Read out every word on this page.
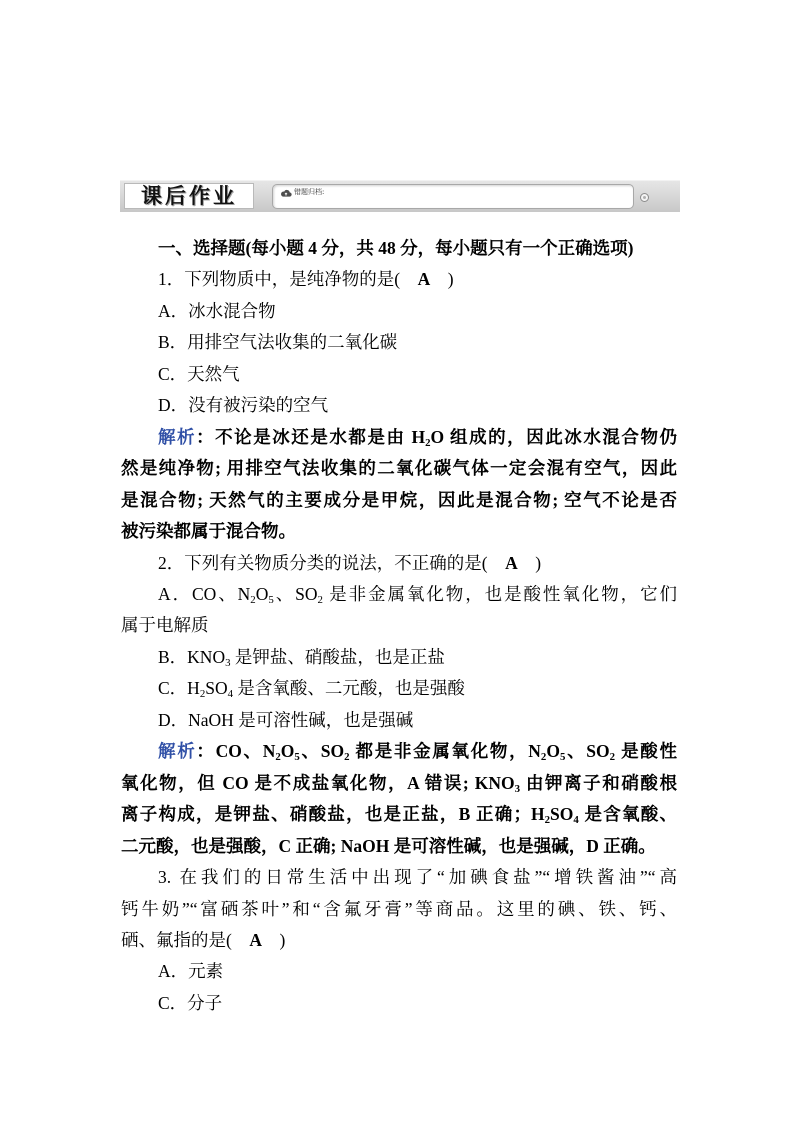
课后作业	错题归档:
一、选择题(每小题 4 分，共 48 分，每小题只有一个正确选项)
1．下列物质中，是纯净物的是(　A　)
A．冰水混合物
B．用排空气法收集的二氧化碳
C．天然气
D．没有被污染的空气
解析：不论是冰还是水都是由 $H_2O$ 组成的，因此冰水混合物仍
然是纯净物; 用排空气法收集的二氧化碳气体一定会混有空气，因此
是混合物; 天然气的主要成分是甲烷，因此是混合物; 空气不论是否
被污染都属于混合物。
2．下列有关物质分类的说法，不正确的是(　A　)
A．CO、$N_2O_5$、$SO_2$ 是非金属氧化物，也是酸性氧化物，它们
属于电解质
B．$KNO_3$ 是钾盐、硝酸盐，也是正盐
C．$H_2SO_4$ 是含氧酸、二元酸，也是强酸
D．NaOH 是可溶性碱，也是强碱
解析：CO、$N_2O_5$、$SO_2$ 都是非金属氧化物，$N_2O_5$、$SO_2$ 是酸性
氧化物，但 CO 是不成盐氧化物，A 错误; $KNO_3$ 由钾离子和硝酸根
离子构成，是钾盐、硝酸盐，也是正盐，B 正确；$H_2SO_4$ 是含氧酸、
二元酸，也是强酸，C 正确; NaOH 是可溶性碱，也是强碱，D 正确。
3. 在我们的日常生活中出现了“加碘食盐”“增铁酱油”“高
钙牛奶”“富硒茶叶”和“含氟牙膏”等商品。这里的碘、铁、钙、
硒、氟指的是(　A　)
A．元素
C．分子
